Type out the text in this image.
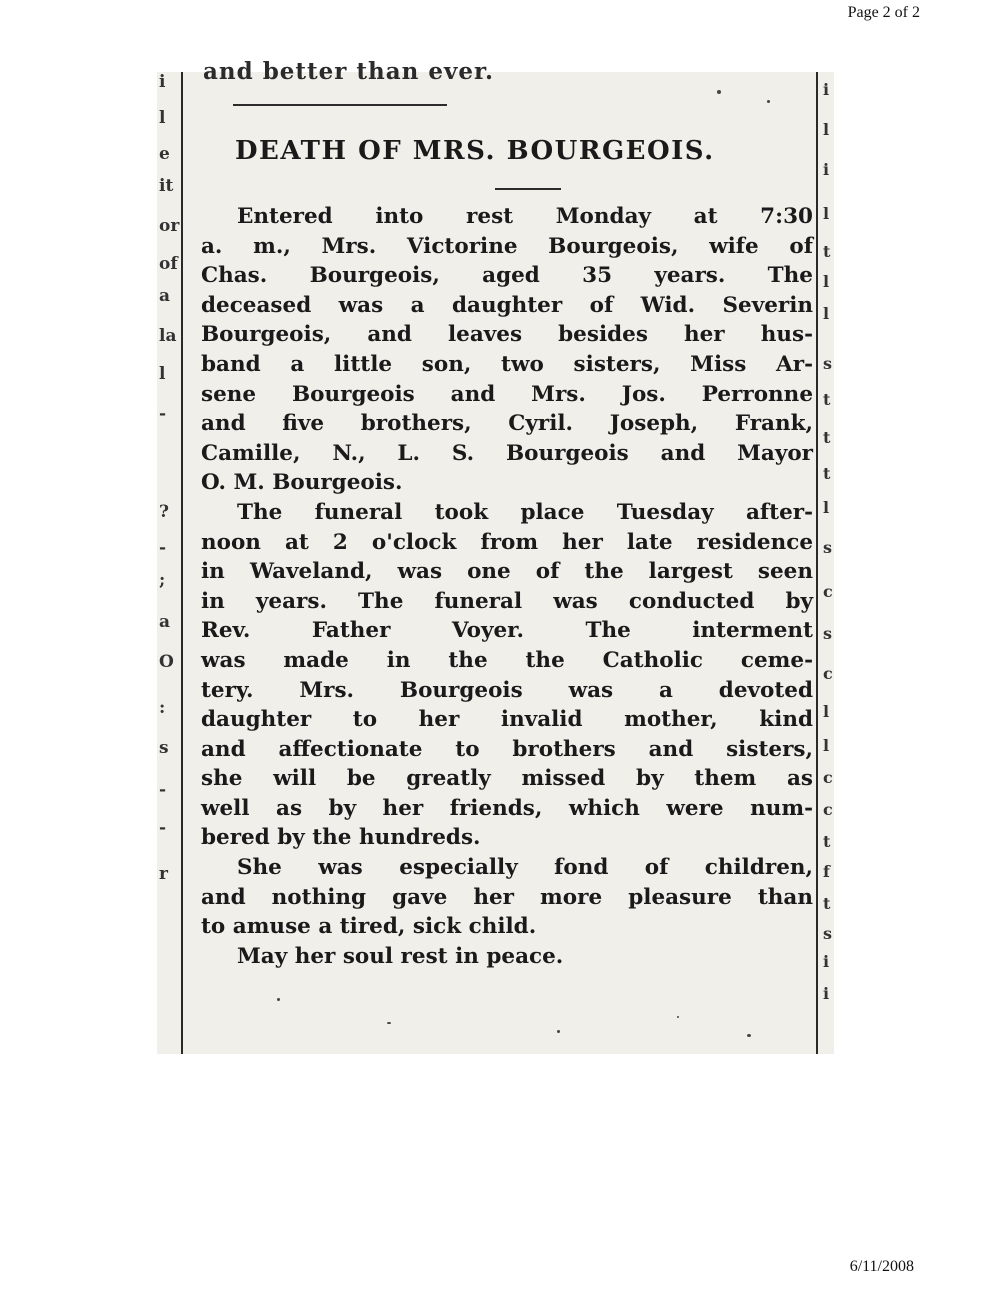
Page 2 of 2
i
l
e
it
or
of
a
la
l
-
?
-
;
a
O
:
s
-
-
r
i
l
i
l
t
l
l
s
t
t
t
l
s
c
s
c
l
l
c
c
t
f
t
s
i
i
and better than ever.
DEATH OF MRS. BOURGEOIS.
Entered into rest Monday at 7:30
a. m., Mrs. Victorine Bourgeois, wife of
Chas. Bourgeois, aged 35 years. The
deceased was a daughter of Wid. Severin
Bourgeois, and leaves besides her hus-
band a little son, two sisters, Miss Ar-
sene Bourgeois and Mrs. Jos. Perronne
and five brothers, Cyril. Joseph, Frank,
Camille, N., L. S. Bourgeois and Mayor
O. M. Bourgeois.
The funeral took place Tuesday after-
noon at 2 o'clock from her late residence
in Waveland, was one of the largest seen
in years. The funeral was conducted by
Rev. Father Voyer. The interment
was made in the the Catholic ceme-
tery. Mrs. Bourgeois was a devoted
daughter to her invalid mother, kind
and affectionate to brothers and sisters,
she will be greatly missed by them as
well as by her friends, which were num-
bered by the hundreds.
She was especially fond of children,
and nothing gave her more pleasure than
to amuse a tired, sick child.
May her soul rest in peace.
6/11/2008
